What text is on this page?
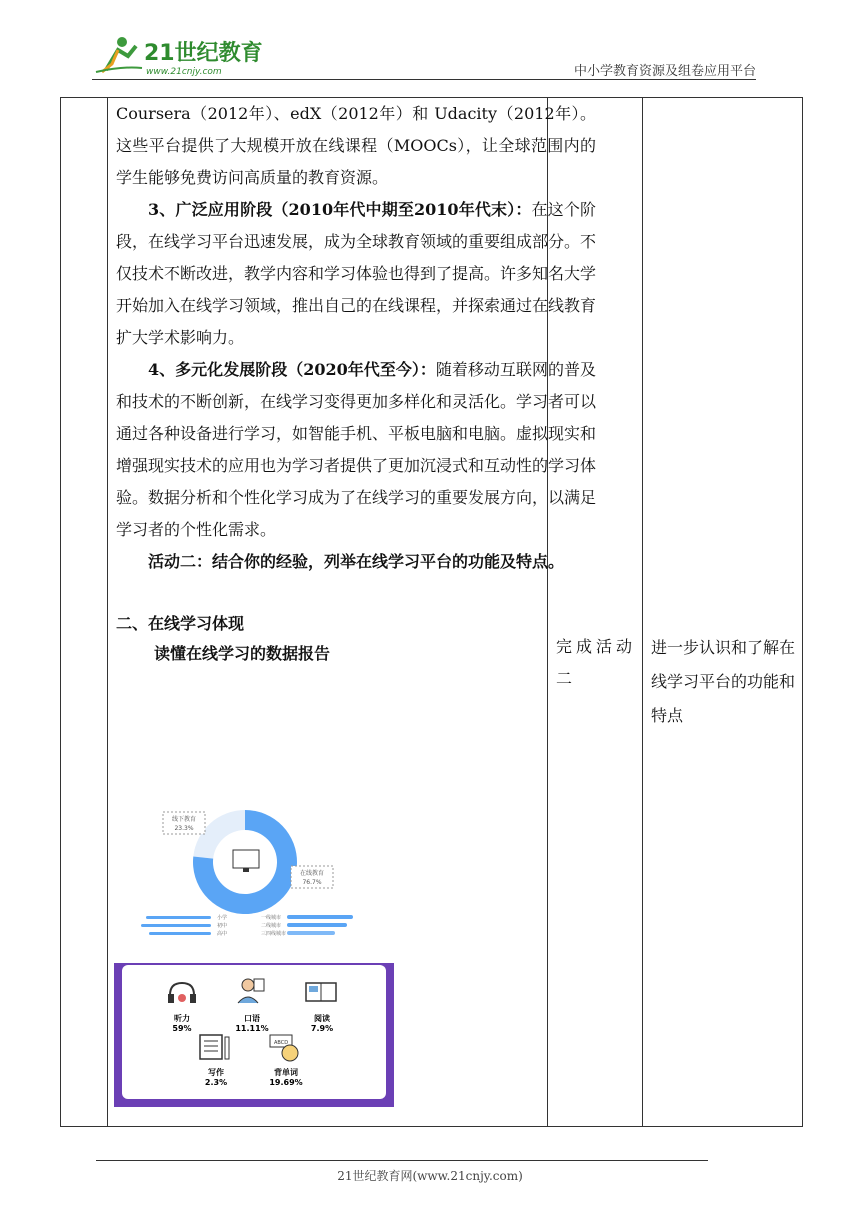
21世纪教育
www.21cnjy.com	中小学教育资源及组卷应用平台

Coursera（2012年）、edX（2012年）和 Udacity（2012年）。这些平台提供了大规模开放在线课程（MOOCs），让全球范围内的学生能够免费访问高质量的教育资源。

3、广泛应用阶段（2010年代中期至2010年代末）：在这个阶段，在线学习平台迅速发展，成为全球教育领域的重要组成部分。不仅技术不断改进，教学内容和学习体验也得到了提高。许多知名大学开始加入在线学习领域，推出自己的在线课程，并探索通过在线教育扩大学术影响力。

4、多元化发展阶段（2020年代至今）：随着移动互联网的普及和技术的不断创新，在线学习变得更加多样化和灵活化。学习者可以通过各种设备进行学习，如智能手机、平板电脑和电脑。虚拟现实和增强现实技术的应用也为学习者提供了更加沉浸式和互动性的学习体验。数据分析和个性化学习成为了在线学习的重要发展方向，以满足学习者的个性化需求。

活动二：结合你的经验，列举在线学习平台的功能及特点。

二、在线学习体现

读懂在线学习的数据报告	完成活动二
进一步认识和了解在线学习平台的功能和特点
线下教育
23.3%
在线教育
76.7%
小学
初中
高中
一线城市
二线城市
三四线城市
ABCD
听力
59%
口语
11.11%
阅读
7.9%
写作
2.3%
背单词
19.69%
21世纪教育网(www.21cnjy.com)
